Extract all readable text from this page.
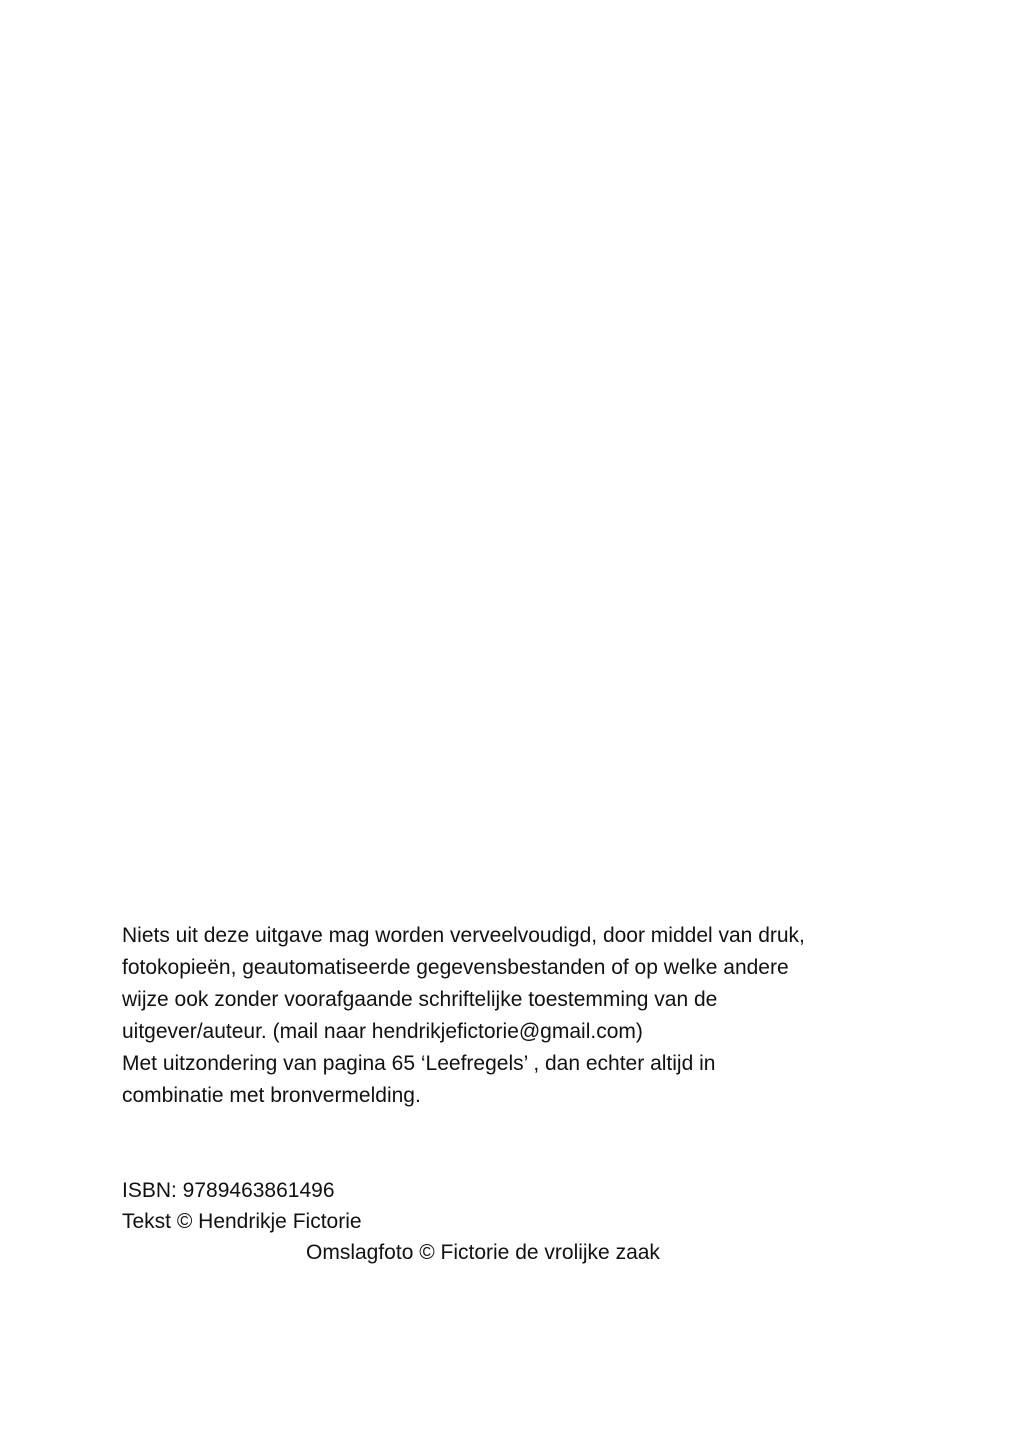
Niets uit deze uitgave mag worden verveelvoudigd, door middel van druk,

fotokopieën, geautomatiseerde gegevensbestanden of op welke andere

wijze ook zonder voorafgaande schriftelijke toestemming van de

uitgever/auteur. (mail naar hendrikjefictorie@gmail.com)

Met uitzondering van pagina 65 ‘Leefregels’ , dan echter altijd in

combinatie met bronvermelding.

ISBN: 9789463861496

Tekst © Hendrikje Fictorie

Omslagfoto © Fictorie de vrolijke zaak
